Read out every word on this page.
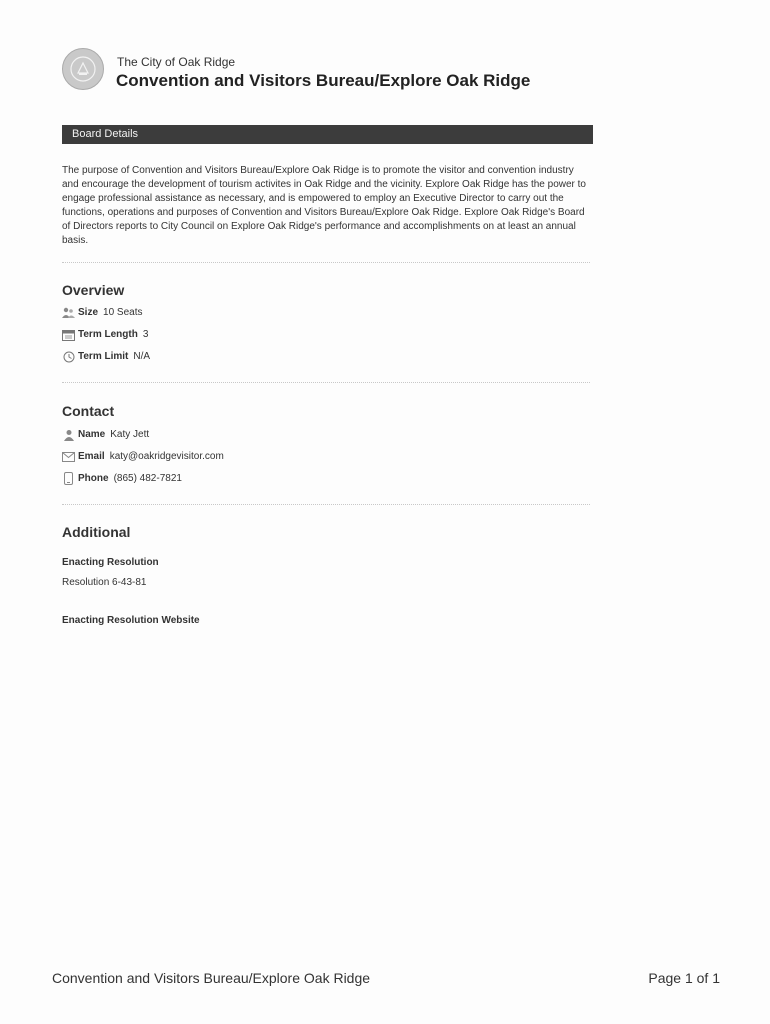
The City of Oak Ridge
Convention and Visitors Bureau/Explore Oak Ridge
Board Details

The purpose of Convention and Visitors Bureau/Explore Oak Ridge is to promote the visitor and convention industry and encourage the development of tourism activites in Oak Ridge and the vicinity. Explore Oak Ridge has the power to engage professional assistance as necessary, and is empowered to employ an Executive Director to carry out the functions, operations and purposes of Convention and Visitors Bureau/Explore Oak Ridge. Explore Oak Ridge's Board of Directors reports to City Council on Explore Oak Ridge's performance and accomplishments on at least an annual basis.

Overview
Size 10 Seats
Term Length 3
Term Limit N/A
Contact
Name Katy Jett
Email katy@oakridgevisitor.com
Phone (865) 482-7821
Additional
Enacting Resolution
Resolution 6-43-81
Enacting Resolution Website
Convention and Visitors Bureau/Explore Oak Ridge	Page 1 of 1
